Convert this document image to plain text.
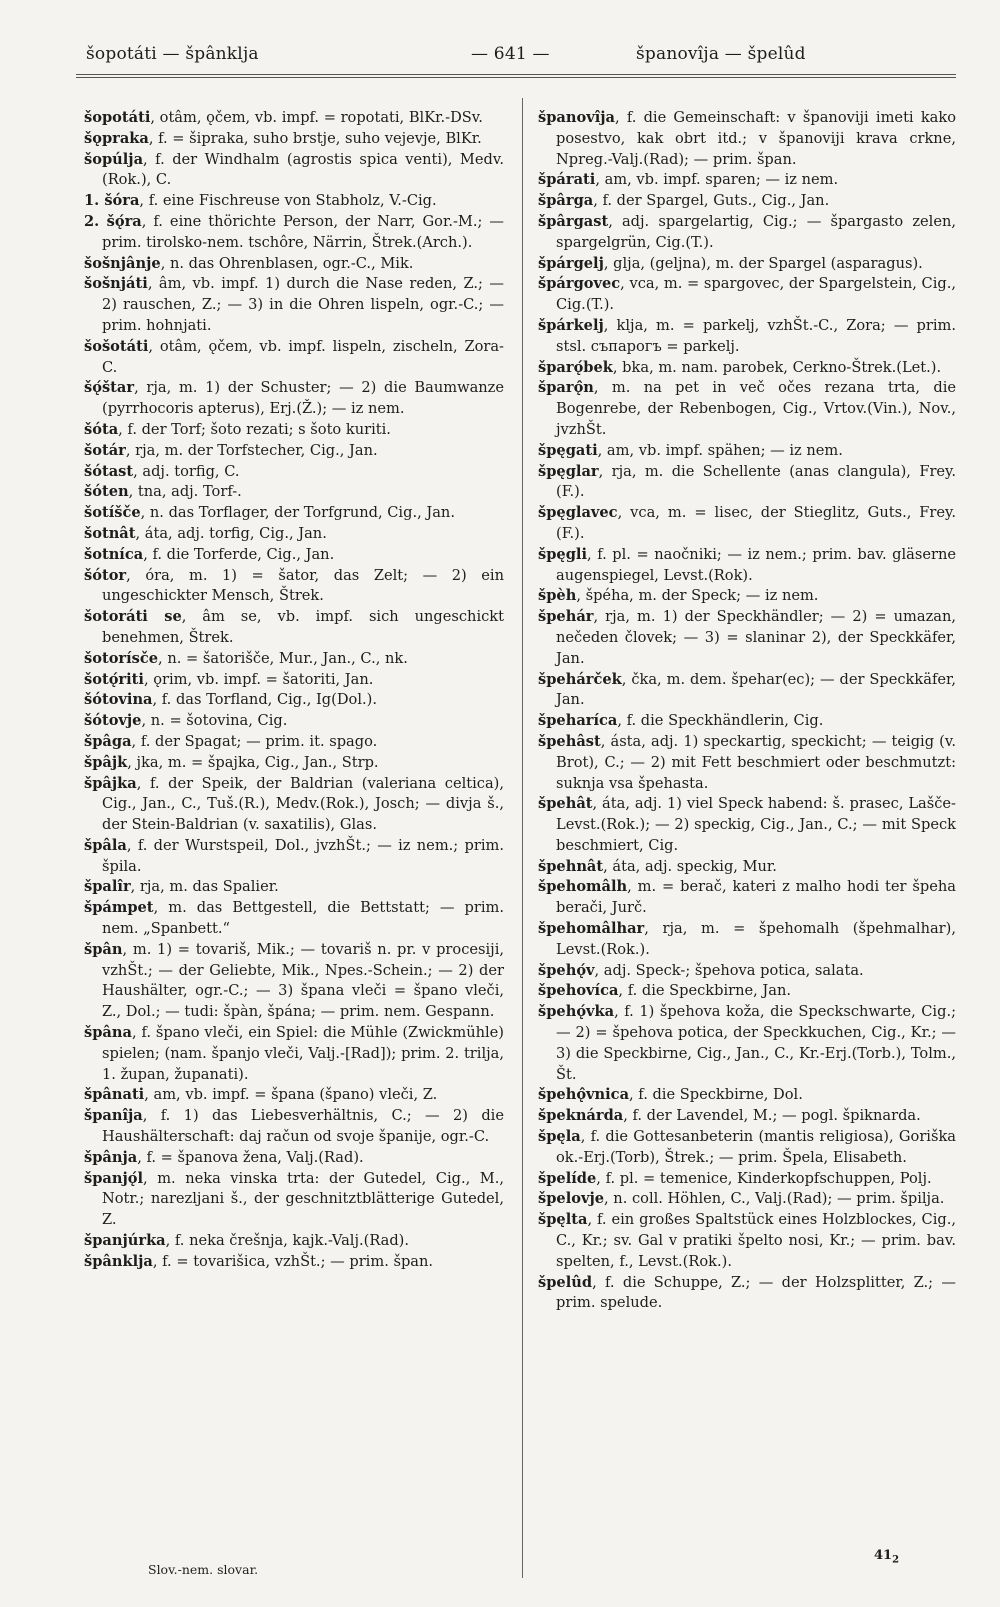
šopotáti — špânklja	— 641 —	španovîja — špelûd

šopotáti, otâm, ǫčem, vb. impf. = ropotati, BlKr.-DSv.

šǫpraka, f. = šipraka, suho brstje, suho vejevje, BlKr.

šopúlja, f. der Windhalm (agrostis spica venti), Medv.(Rok.), C.

1. šóra, f. eine Fischreuse von Stabholz, V.-Cig.

2. šǫ́ra, f. eine thörichte Person, der Narr, Gor.-M.; — prim. tirolsko-nem. tschôre, Närrin, Štrek.(Arch.).

šošnjânje, n. das Ohrenblasen, ogr.-C., Mik.

šošnjáti, âm, vb. impf. 1) durch die Nase reden, Z.; — 2) rauschen, Z.; — 3) in die Ohren lispeln, ogr.-C.; — prim. hohnjati.

šošotáti, otâm, ǫčem, vb. impf. lispeln, zischeln, Zora-C.

šǫ́štar, rja, m. 1) der Schuster; — 2) die Baumwanze (pyrrhocoris apterus), Erj.(Ž.); — iz nem.

šóta, f. der Torf; šoto rezati; s šoto kuriti.

šotár, rja, m. der Torfstecher, Cig., Jan.

šótast, adj. torfig, C.

šóten, tna, adj. Torf-.

šotíšče, n. das Torflager, der Torfgrund, Cig., Jan.

šotnât, áta, adj. torfig, Cig., Jan.

šotníca, f. die Torferde, Cig., Jan.

šótor, óra, m. 1) = šator, das Zelt; — 2) ein ungeschickter Mensch, Štrek.

šotoráti se, âm se, vb. impf. sich ungeschickt benehmen, Štrek.

šotorísče, n. = šatorišče, Mur., Jan., C., nk.

šotǫ́riti, ǫrim, vb. impf. = šatoriti, Jan.

šótovina, f. das Torfland, Cig., Ig(Dol.).

šótovje, n. = šotovina, Cig.

špâga, f. der Spagat; — prim. it. spago.

špâjk, jka, m. = špajka, Cig., Jan., Strp.

špâjka, f. der Speik, der Baldrian (valeriana celtica), Cig., Jan., C., Tuš.(R.), Medv.(Rok.), Josch; — divja š., der Stein-Baldrian (v. saxatilis), Glas.

špâla, f. der Wurstspeil, Dol., jvzhŠt.; — iz nem.; prim. špila.

špalîr, rja, m. das Spalier.

špámpet, m. das Bettgestell, die Bettstatt; — prim. nem. „Spanbett.“

špân, m. 1) = tovariš, Mik.; — tovariš n. pr. v procesiji, vzhŠt.; — der Geliebte, Mik., Npes.-Schein.; — 2) der Haushälter, ogr.-C.; — 3) špana vleči = špano vleči, Z., Dol.; — tudi: špàn, špána; — prim. nem. Gespann.

špâna, f. špano vleči, ein Spiel: die Mühle (Zwickmühle) spielen; (nam. španjo vleči, Valj.-[Rad]); prim. 2. trilja, 1. župan, županati).

špânati, am, vb. impf. = španа (špano) vleči, Z.

španîja, f. 1) das Liebesverhältnis, C.; — 2) die Haushälterschaft: daj račun od svoje španije, ogr.-C.

špânja, f. = španova žena, Valj.(Rad).

španjǫ́l, m. neka vinska trta: der Gutedel, Cig., M., Notr.; narezljani š., der geschnitztblätterige Gutedel, Z.

španjúrka, f. neka črešnja, kajk.-Valj.(Rad).

špânklja, f. = tovarišica, vzhŠt.; — prim. špan.

španovîja, f. die Gemeinschaft: v španoviji imeti kako posestvo, kak obrt itd.; v španoviji krava crkne, Npreg.-Valj.(Rad); — prim. špan.

špárati, am, vb. impf. sparen; — iz nem.

špârga, f. der Spargel, Guts., Cig., Jan.

špârgast, adj. spargelartig, Cig.; — špargasto zelen, spargelgrün, Cig.(T.).

špárgelj, glja, (geljna), m. der Spargel (asparagus).

špárgovec, vca, m. = spargovec, der Spargelstein, Cig., Cig.(T.).

špárkelj, klja, m. = parkelj, vzhŠt.-C., Zora; — prim. stsl. съпарогъ = parkelj.

šparǫ́bek, bka, m. nam. parobek, Cerkno-Štrek.(Let.).

šparǫ̂n, m. na pet in več očes rezana trta, die Bogenrebe, der Rebenbogen, Cig., Vrtov.(Vin.), Nov., jvzhŠt.

špęgati, am, vb. impf. spähen; — iz nem.

špęglar, rja, m. die Schellente (anas clangula), Frey.(F.).

špęglavec, vca, m. = lisec, der Stieglitz, Guts., Frey.(F.).

špęgli, f. pl. = naočniki; — iz nem.; prim. bav. gläserne augenspiegel, Levst.(Rok).

špèh, špéha, m. der Speck; — iz nem.

špehár, rja, m. 1) der Speckhändler; — 2) = umazan, nečeden človek; — 3) = slaninar 2), der Speckkäfer, Jan.

špehárček, čka, m. dem. špehar(ec); — der Speckkäfer, Jan.

špeharíca, f. die Speckhändlerin, Cig.

špehâst, ásta, adj. 1) speckartig, speckicht; — teigig (v. Brot), C.; — 2) mit Fett beschmiert oder beschmutzt: suknja vsa špehasta.

špehât, áta, adj. 1) viel Speck habend: š. prasec, Lašče-Levst.(Rok.); — 2) speckig, Cig., Jan., C.; — mit Speck beschmiert, Cig.

špehnât, áta, adj. speckig, Mur.

špehomâlh, m. = berač, kateri z malho hodi ter špeha berači, Jurč.

špehomâlhar, rja, m. = špehomalh (špehmalhar), Levst.(Rok.).

špehǫ́v, adj. Speck-; špehova potica, salata.

špehovíca, f. die Speckbirne, Jan.

špehǫ́vka, f. 1) špehova koža, die Speckschwarte, Cig.; — 2) = špehova potica, der Speckkuchen, Cig., Kr.; — 3) die Speckbirne, Cig., Jan., C., Kr.-Erj.(Torb.), Tolm., Št.

špehǫ̂vnica, f. die Speckbirne, Dol.

špeknárda, f. der Lavendel, M.; — pogl. špiknarda.

špęla, f. die Gottesanbeterin (mantis religiosa), Goriška ok.-Erj.(Torb), Štrek.; — prim. Špela, Elisabeth.

špelíde, f. pl. = temenice, Kinderkopfschuppen, Polj.

špelovje, n. coll. Höhlen, C., Valj.(Rad); — prim. špilja.

špęlta, f. ein großes Spaltstück eines Holzblockes, Cig., C., Kr.; sv. Gal v pratiki špelto nosi, Kr.; — prim. bav. spelten, f., Levst.(Rok.).

špelûd, f. die Schuppe, Z.; — der Holzsplitter, Z.; — prim. spelude.

Slov.-nem. slovar.
$41_2$
